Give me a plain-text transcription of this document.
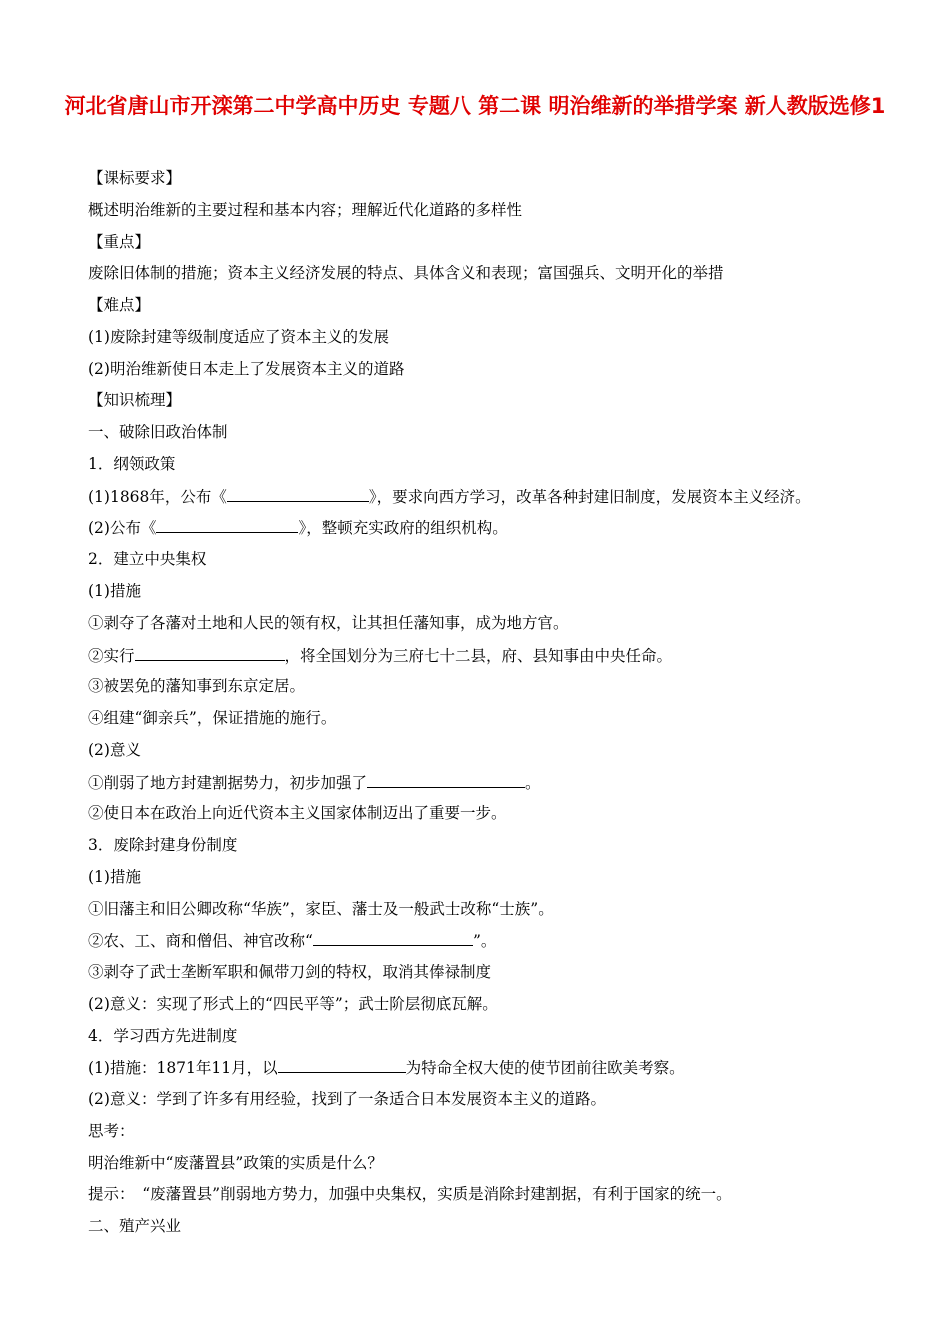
河北省唐山市开滦第二中学高中历史 专题八 第二课 明治维新的举措学案 新人教版选修1
【课标要求】
概述明治维新的主要过程和基本内容；理解近代化道路的多样性
【重点】
废除旧体制的措施；资本主义经济发展的特点、具体含义和表现；富国强兵、文明开化的举措
【难点】
(1)废除封建等级制度适应了资本主义的发展
(2)明治维新使日本走上了发展资本主义的道路
【知识梳理】
一、破除旧政治体制
1．纲领政策
(1)1868年，公布《	》，要求向西方学习，改革各种封建旧制度，发展资本主义经济。
(2)公布《	》，整顿充实政府的组织机构。
2．建立中央集权
(1)措施
①剥夺了各藩对土地和人民的领有权，让其担任藩知事，成为地方官。
②实行	，将全国划分为三府七十二县，府、县知事由中央任命。
③被罢免的藩知事到东京定居。
④组建“御亲兵”，保证措施的施行。
(2)意义
①削弱了地方封建割据势力，初步加强了	。
②使日本在政治上向近代资本主义国家体制迈出了重要一步。
3．废除封建身份制度
(1)措施
①旧藩主和旧公卿改称“华族”，家臣、藩士及一般武士改称“士族”。
②农、工、商和僧侣、神官改称“	”。
③剥夺了武士垄断军职和佩带刀剑的特权，取消其俸禄制度
(2)意义：实现了形式上的“四民平等”；武士阶层彻底瓦解。
4．学习西方先进制度
(1)措施：1871年11月，以	为特命全权大使的使节团前往欧美考察。
(2)意义：学到了许多有用经验，找到了一条适合日本发展资本主义的道路。
思考：
明治维新中“废藩置县”政策的实质是什么？
提示：　“废藩置县”削弱地方势力，加强中央集权，实质是消除封建割据，有利于国家的统一。
二、殖产兴业
